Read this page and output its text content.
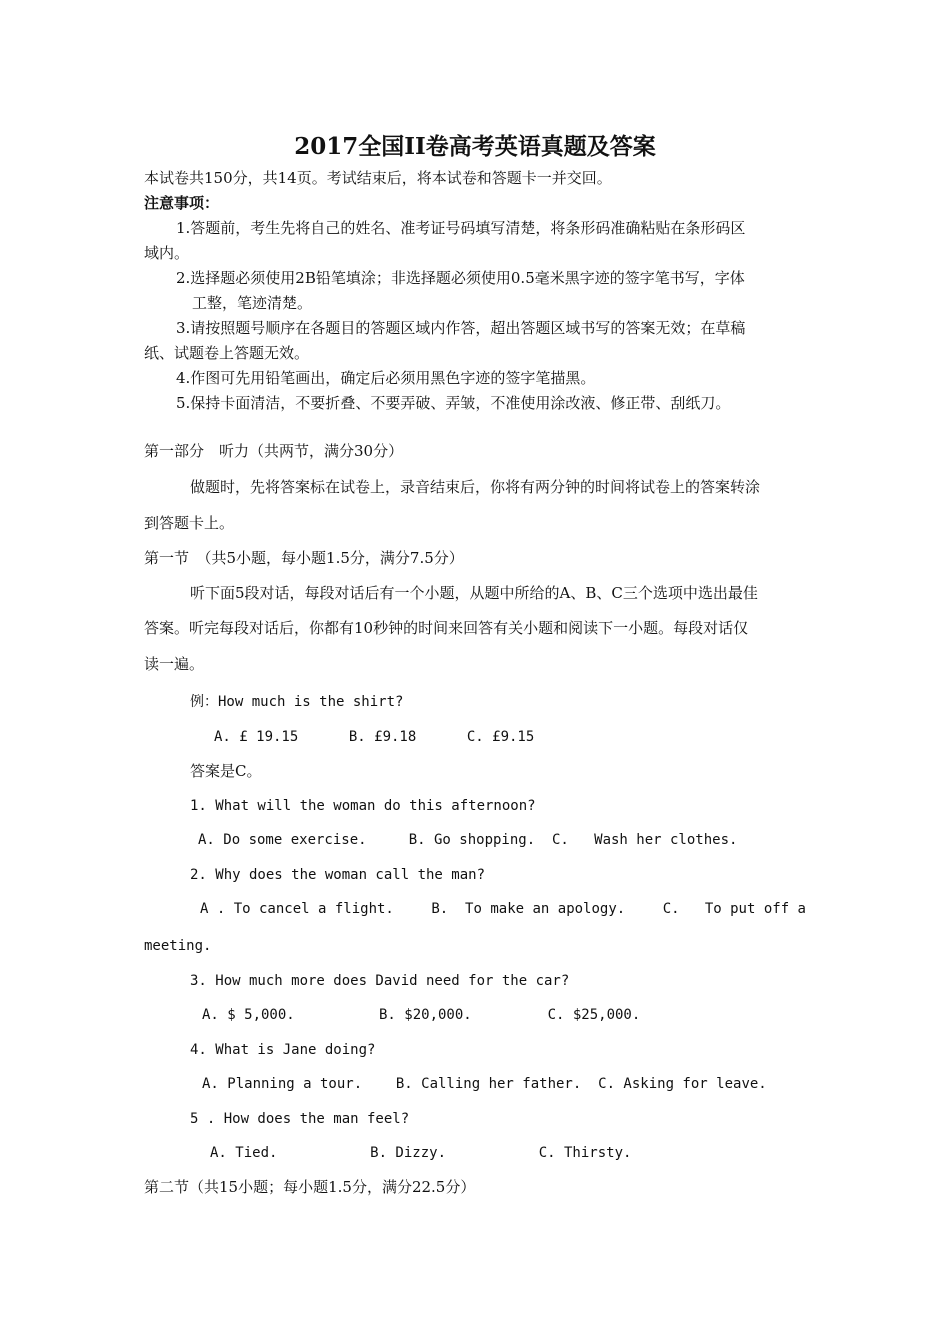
2017全国II卷高考英语真题及答案
本试卷共150分，共14页。考试结束后，将本试卷和答题卡一并交回。
注意事项：
1.答题前，考生先将自己的姓名、准考证号码填写清楚，将条形码准确粘贴在条形码区
域内。
2.选择题必须使用2B铅笔填涂；非选择题必须使用0.5毫米黑字迹的签字笔书写，字体
工整，笔迹清楚。
3.请按照题号顺序在各题目的答题区域内作答，超出答题区域书写的答案无效；在草稿
纸、试题卷上答题无效。
4.作图可先用铅笔画出，确定后必须用黑色字迹的签字笔描黑。
5.保持卡面清洁，不要折叠、不要弄破、弄皱，不准使用涂改液、修正带、刮纸刀。
第一部分　听力（共两节，满分30分）
做题时，先将答案标在试卷上，录音结束后，你将有两分钟的时间将试卷上的答案转涂
到答题卡上。
第一节　（共5小题，每小题1.5分，满分7.5分）
听下面5段对话，每段对话后有一个小题，从题中所给的A、B、C三个选项中选出最佳
答案。听完每段对话后，你都有10秒钟的时间来回答有关小题和阅读下一小题。每段对话仅
读一遍。
例：How much is the shirt?
A. £ 19.15      B. £9.18      C. £9.15
答案是C。
1. What will the woman do this afternoon?
A. Do some exercise.     B. Go shopping.  C.   Wash her clothes.
2. Why does the woman call the man?
A . To cancel a flight.	B.  To make an apology.	C.   To put off a
meeting.
3. How much more does David need for the car?
A. $ 5,000.          B. $20,000.         C. $25,000.
4. What is Jane doing?
A. Planning a tour.    B. Calling her father.  C. Asking for leave.
5 . How does the man feel?
A. Tied.           B. Dizzy.           C. Thirsty.
第二节（共15小题；每小题1.5分，满分22.5分）
